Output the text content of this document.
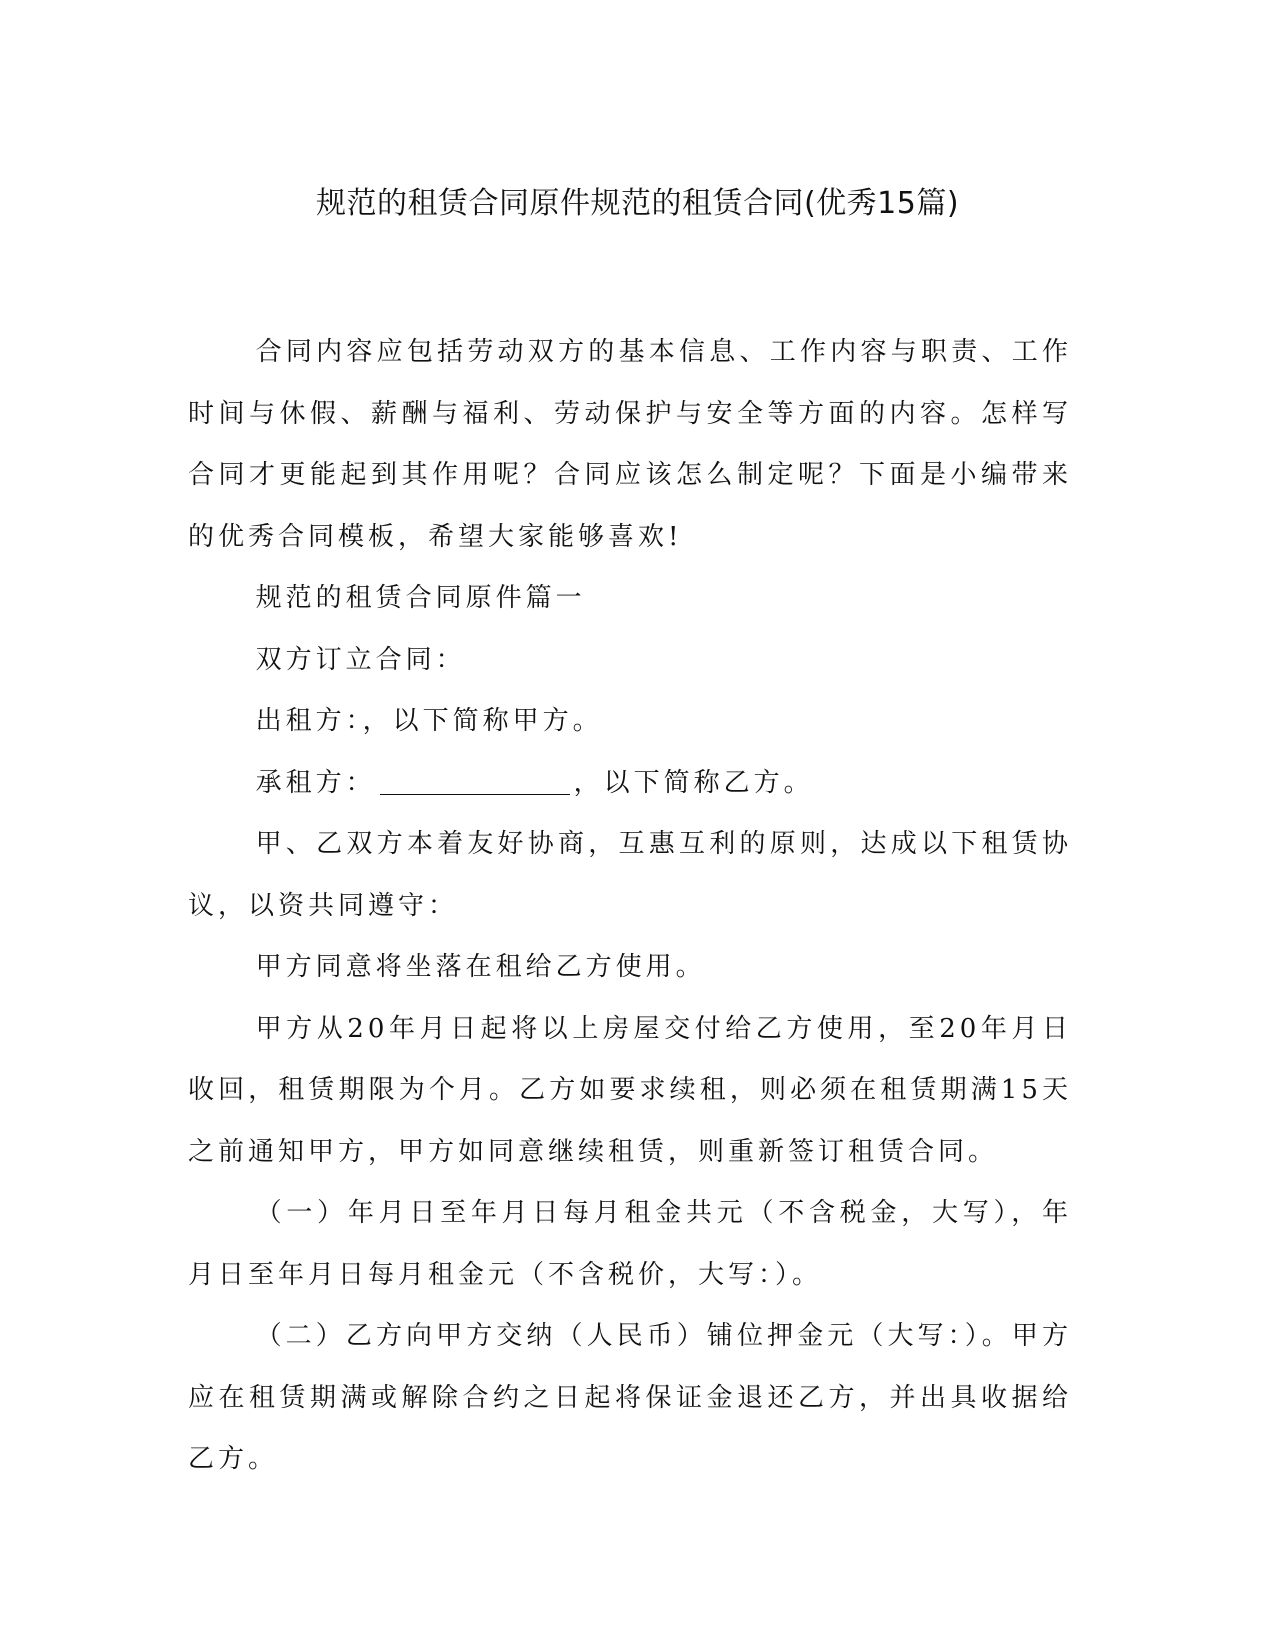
规范的租赁合同原件规范的租赁合同(优秀15篇)

合同内容应包括劳动双方的基本信息、工作内容与职责、工作时间与休假、薪酬与福利、劳动保护与安全等方面的内容。怎样写合同才更能起到其作用呢？合同应该怎么制定呢？下面是小编带来的优秀合同模板，希望大家能够喜欢!

规范的租赁合同原件篇一

双方订立合同：

出租方：，以下简称甲方。

承租方：	，以下简称乙方。

甲、乙双方本着友好协商，互惠互利的原则，达成以下租赁协议，以资共同遵守：

甲方同意将坐落在租给乙方使用。

甲方从20年月日起将以上房屋交付给乙方使用，至20年月日收回，租赁期限为个月。乙方如要求续租，则必须在租赁期满15天之前通知甲方，甲方如同意继续租赁，则重新签订租赁合同。

（一）年月日至年月日每月租金共元（不含税金，大写），年月日至年月日每月租金元（不含税价，大写：）。

（二）乙方向甲方交纳（人民币）铺位押金元（大写：）。甲方应在租赁期满或解除合约之日起将保证金退还乙方，并出具收据给乙方。
